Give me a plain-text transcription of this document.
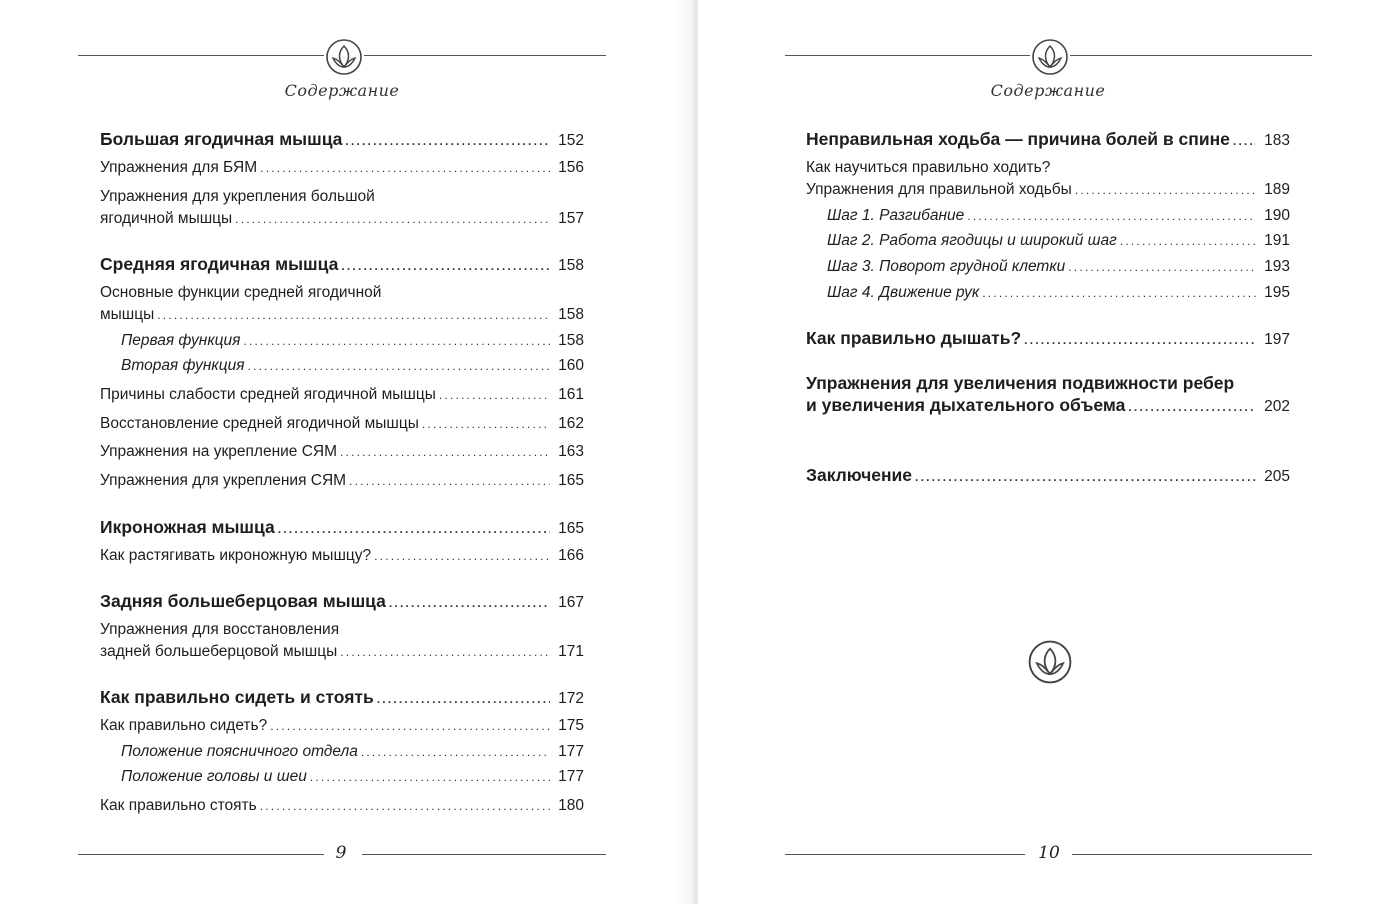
Содержание
Большая ягодичная мышца .....	152
Упражнения для БЯМ .....	156
Упражнения для укрепления большой
ягодичной мышцы .....	157
Средняя ягодичная мышца .....	158
Основные функции средней ягодичной
мышцы .....	158
Первая функция .....	158
Вторая функция .....	160
Причины слабости средней ягодичной мышцы .....	161
Восстановление средней ягодичной мышцы .....	162
Упражнения на укрепление СЯМ .....	163
Упражнения для укрепления СЯМ .....	165
Икроножная мышца .....	165
Как растягивать икроножную мышцу? .....	166
Задняя большеберцовая мышца .....	167
Упражнения для восстановления
задней большеберцовой мышцы .....	171
Как правильно сидеть и стоять .....	172
Как правильно сидеть? .....	175
Положение поясничного отдела .....	177
Положение головы и шеи .....	177
Как правильно стоять .....	180
9
Содержание
Неправильная ходьба — причина болей в спине ..... 183
Как научиться правильно ходить?
Упражнения для правильной ходьбы .....	189
Шаг 1. Разгибание .....	190
Шаг 2. Работа ягодицы и широкий шаг .....	191
Шаг 3. Поворот грудной клетки .....	193
Шаг 4. Движение рук .....	195
Как правильно дышать? .....	197
Упражнения для увеличения подвижности ребер
и увеличения дыхательного объема .....	202
Заключение .....	205
10
